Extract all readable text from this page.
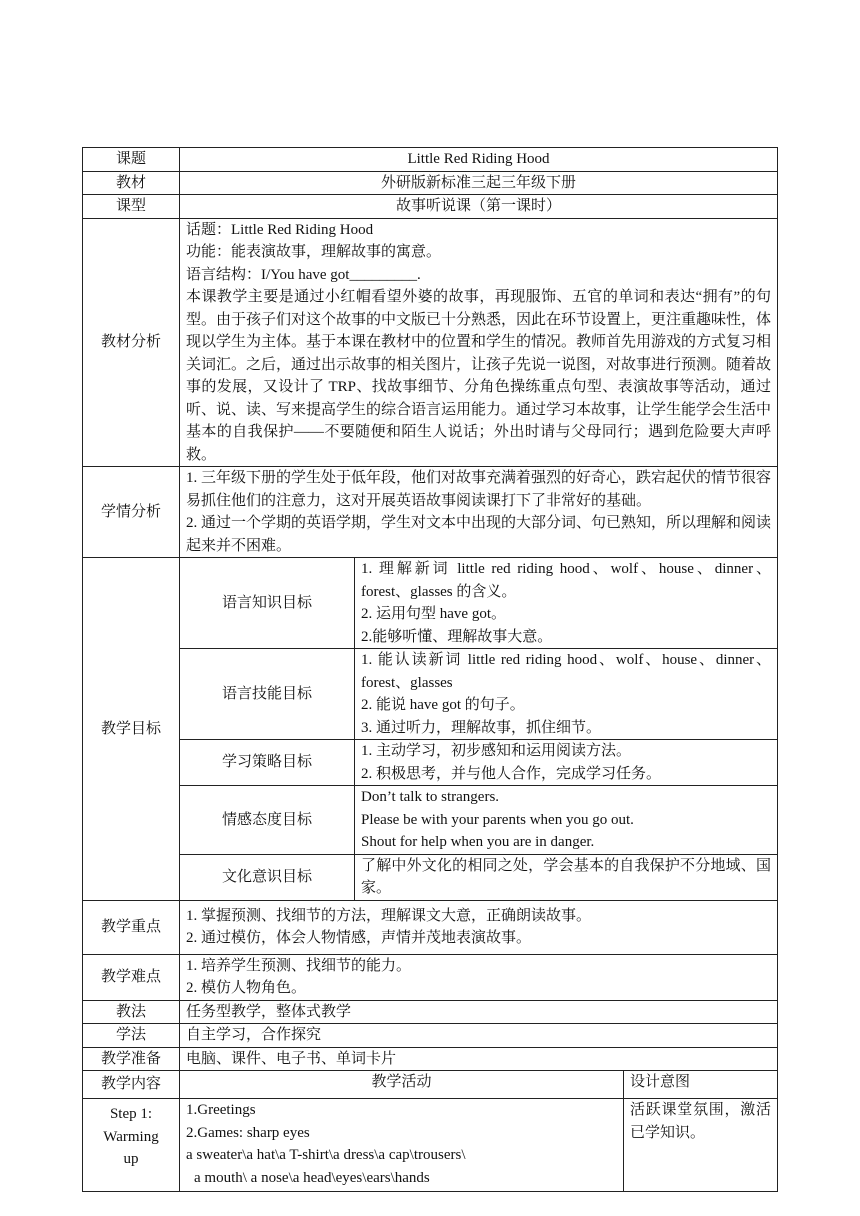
课题	Little Red Riding Hood		
教材	外研版新标准三起三年级下册		
课型	故事听说课（第一课时）		
教材分析	话题：Little Red Riding Hood
功能：能表演故事，理解故事的寓意。
语言结构：I/You have got_________.
本课教学主要是通过小红帽看望外婆的故事，再现服饰、五官的单词和表达“拥有”的句型。由于孩子们对这个故事的中文版已十分熟悉，因此在环节设置上，更注重趣味性，体现以学生为主体。基于本课在教材中的位置和学生的情况。教师首先用游戏的方式复习相关词汇。之后，通过出示故事的相关图片，让孩子先说一说图，对故事进行预测。随着故事的发展，又设计了 TRP、找故事细节、分角色操练重点句型、表演故事等活动，通过听、说、读、写来提高学生的综合语言运用能力。通过学习本故事，让学生能学会生活中基本的自我保护——不要随便和陌生人说话；外出时请与父母同行；遇到危险要大声呼救。		

学情分析	1. 三年级下册的学生处于低年段，他们对故事充满着强烈的好奇心，跌宕起伏的情节很容易抓住他们的注意力，这对开展英语故事阅读课打下了非常好的基础。
2. 通过一个学期的英语学期，学生对文本中出现的大部分词、句已熟知，所以理解和阅读起来并不困难。		

教学目标	语言知识目标	1. 理解新词 little red riding hood、wolf、house、dinner、forest、glasses 的含义。
2. 运用句型 have got。
2.能够听懂、理解故事大意。	

	语言技能目标	1. 能认读新词 little red riding hood、wolf、house、dinner、forest、glasses
2. 能说 have got 的句子。
3. 通过听力，理解故事，抓住细节。	

	学习策略目标	1. 主动学习，初步感知和运用阅读方法。
2. 积极思考，并与他人合作，完成学习任务。	

	情感态度目标	Don’t talk to strangers.
Please be with your parents when you go out.
Shout for help when you are in danger.	

	文化意识目标	了解中外文化的相同之处，学会基本的自我保护不分地域、国家。	

教学重点	1. 掌握预测、找细节的方法，理解课文大意，正确朗读故事。
2. 通过模仿，体会人物情感，声情并茂地表演故事。		

教学难点	1. 培养学生预测、找细节的能力。
2. 模仿人物角色。		

教法	任务型教学，整体式教学		
学法	自主学习，合作探究		
教学准备	电脑、课件、电子书、单词卡片		
教学内容	教学活动		设计意图

Step 1:
Warming
up	1.Greetings
2.Games: sharp eyes
a sweater\a hat\a T-shirt\a dress\a cap\trousers\
a mouth\ a nose\a head\eyes\ears\hands		活跃课堂氛围，激活已学知识。
